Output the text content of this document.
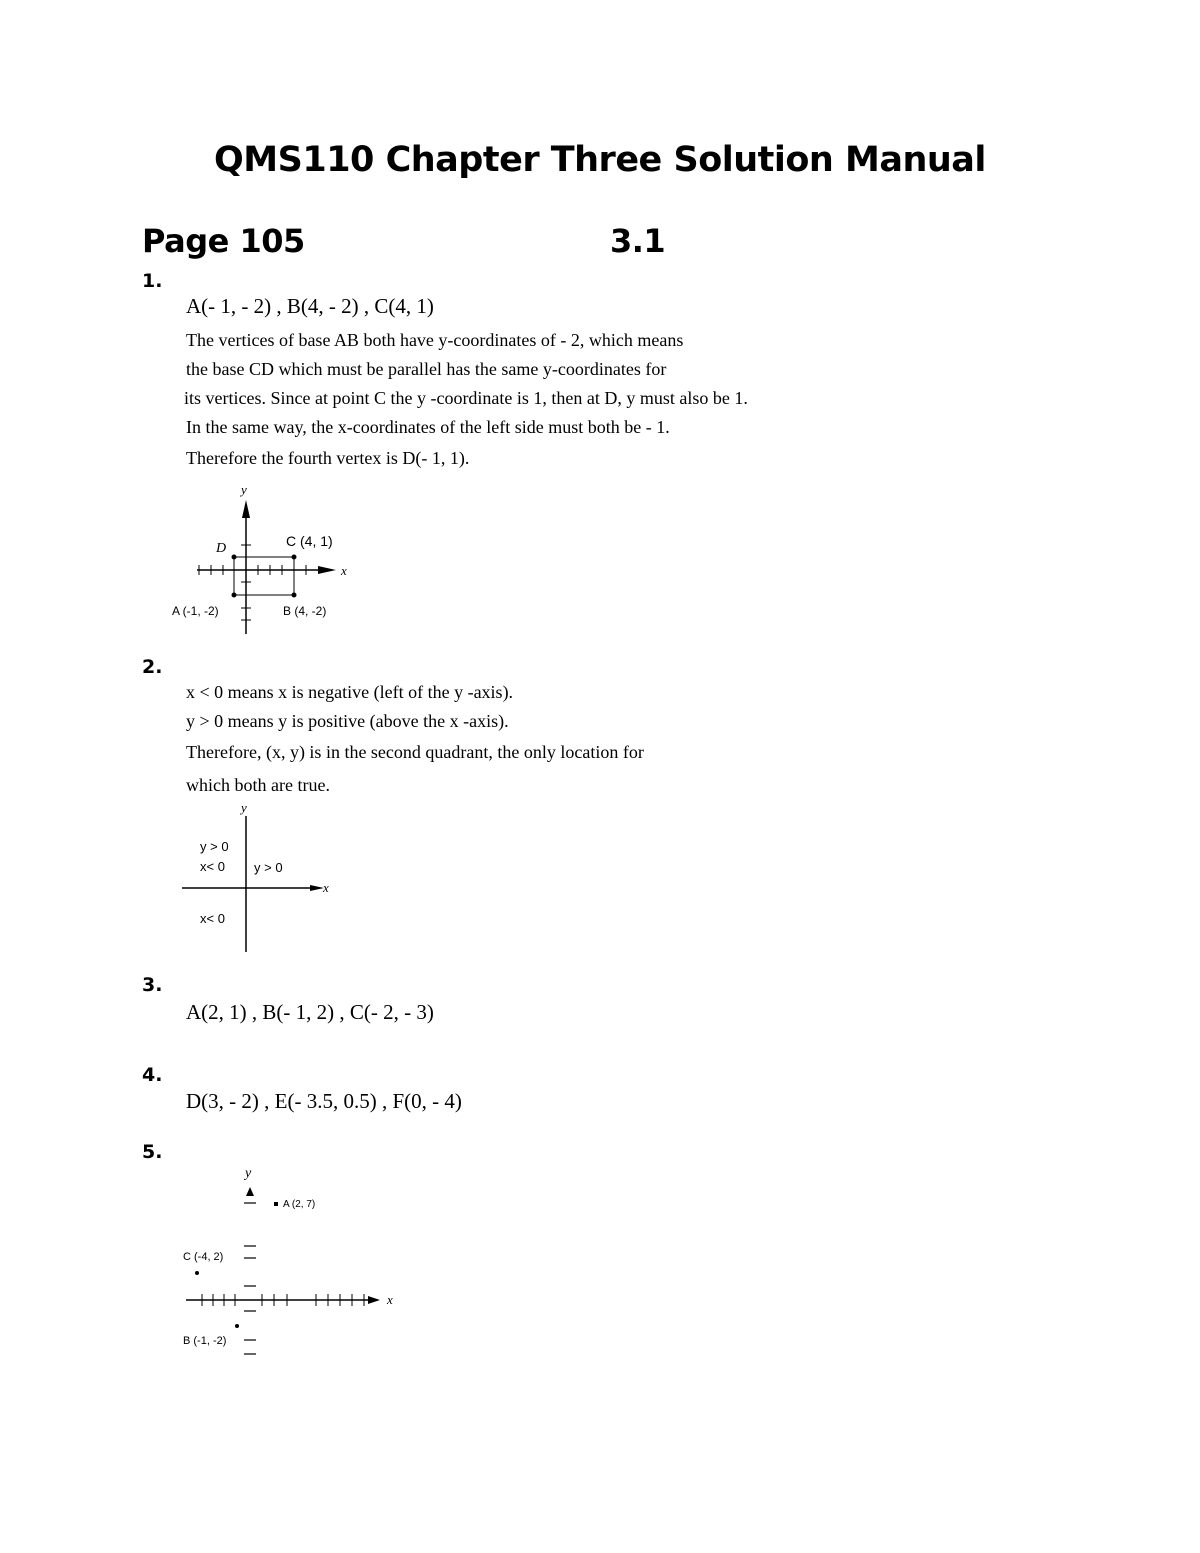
QMS110 Chapter Three Solution Manual
Page 105	3.1
1.
A(- 1, - 2) , B(4, - 2) , C(4, 1)
The vertices of base AB both have y-coordinates of - 2, which means
the base CD which must be parallel has the same y-coordinates for
its vertices. Since at point C the y -coordinate is 1, then at D, y must also be 1.
In the same way, the x-coordinates of the left side must both be - 1.
Therefore the fourth vertex is D(- 1, 1).
y
x
D	C (4, 1)
A (-1, -2)	B (4, -2)
2.
x < 0 means x is negative (left of the y -axis).
y > 0 means y is positive (above the x -axis).
Therefore, (x, y) is in the second quadrant, the only location for
which both are true.
y
x
y > 0
x< 0 y > 0
x< 0
3.
A(2, 1) , B(- 1, 2) , C(- 2, - 3)
4.
D(3, - 2) , E(- 3.5, 0.5) , F(0, - 4)
5.
y
x
A (2, 7)
C (-4, 2)
B (-1, -2)
